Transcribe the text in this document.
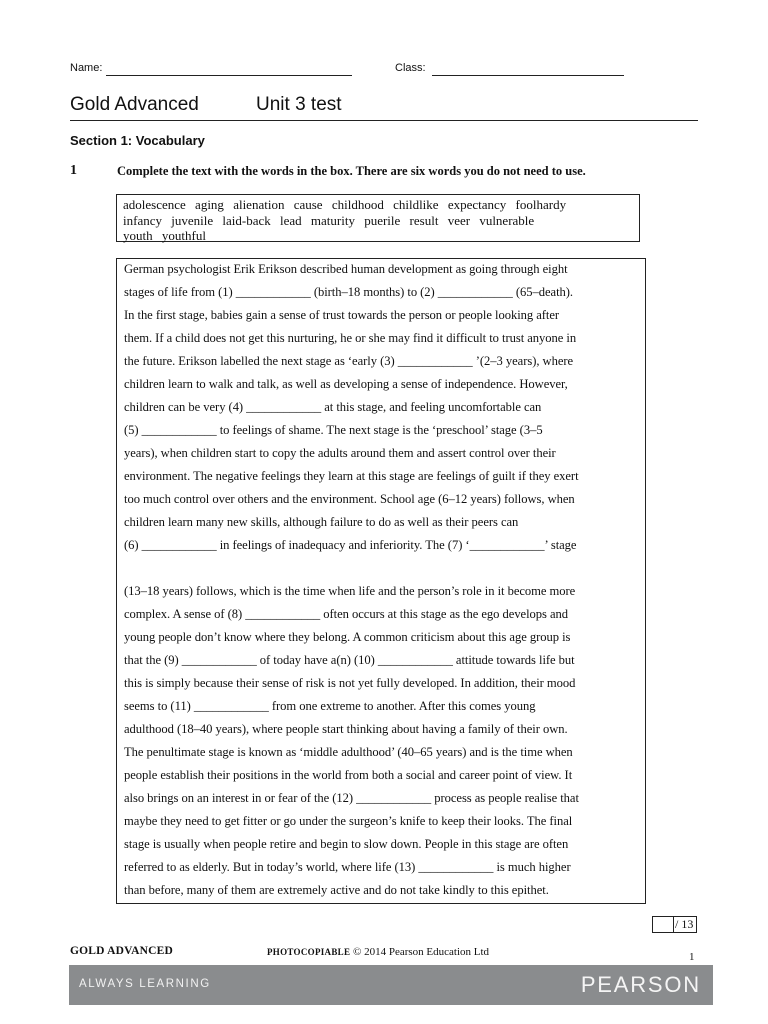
Name:	Class:
Gold Advanced	Unit 3 test
Section 1: Vocabulary
1	Complete the text with the words in the box. There are six words you do not need to use.
adolescence aging alienation cause childhood childlike expectancy foolhardy
infancy juvenile laid-back lead maturity puerile result veer vulnerable
youth youthful
German psychologist Erik Erikson described human development as going through eight
stages of life from (1) ____________ (birth–18 months) to (2) ____________ (65–death).
In the first stage, babies gain a sense of trust towards the person or people looking after
them. If a child does not get this nurturing, he or she may find it difficult to trust anyone in
the future. Erikson labelled the next stage as ‘early (3) ____________ ’(2–3 years), where
children learn to walk and talk, as well as developing a sense of independence. However,
children can be very (4) ____________ at this stage, and feeling uncomfortable can
(5) ____________ to feelings of shame. The next stage is the ‘preschool’ stage (3–5
years), when children start to copy the adults around them and assert control over their
environment. The negative feelings they learn at this stage are feelings of guilt if they exert
too much control over others and the environment. School age (6–12 years) follows, when
children learn many new skills, although failure to do as well as their peers can
(6) ____________ in feelings of inadequacy and inferiority. The (7) ‘____________’ stage
(13–18 years) follows, which is the time when life and the person’s role in it become more
complex. A sense of (8) ____________ often occurs at this stage as the ego develops and
young people don’t know where they belong. A common criticism about this age group is
that the (9) ____________ of today have a(n) (10) ____________ attitude towards life but
this is simply because their sense of risk is not yet fully developed. In addition, their mood
seems to (11) ____________ from one extreme to another. After this comes young
adulthood (18–40 years), where people start thinking about having a family of their own.
The penultimate stage is known as ‘middle adulthood’ (40–65 years) and is the time when
people establish their positions in the world from both a social and career point of view. It
also brings on an interest in or fear of the (12) ____________ process as people realise that
maybe they need to get fitter or go under the surgeon’s knife to keep their looks. The final
stage is usually when people retire and begin to slow down. People in this stage are often
referred to as elderly. But in today’s world, where life (13) ____________ is much higher
than before, many of them are extremely active and do not take kindly to this epithet.
/ 13
GOLD ADVANCED	PHOTOCOPIABLE © 2014 Pearson Education Ltd	1
ALWAYS LEARNING	PEARSON
